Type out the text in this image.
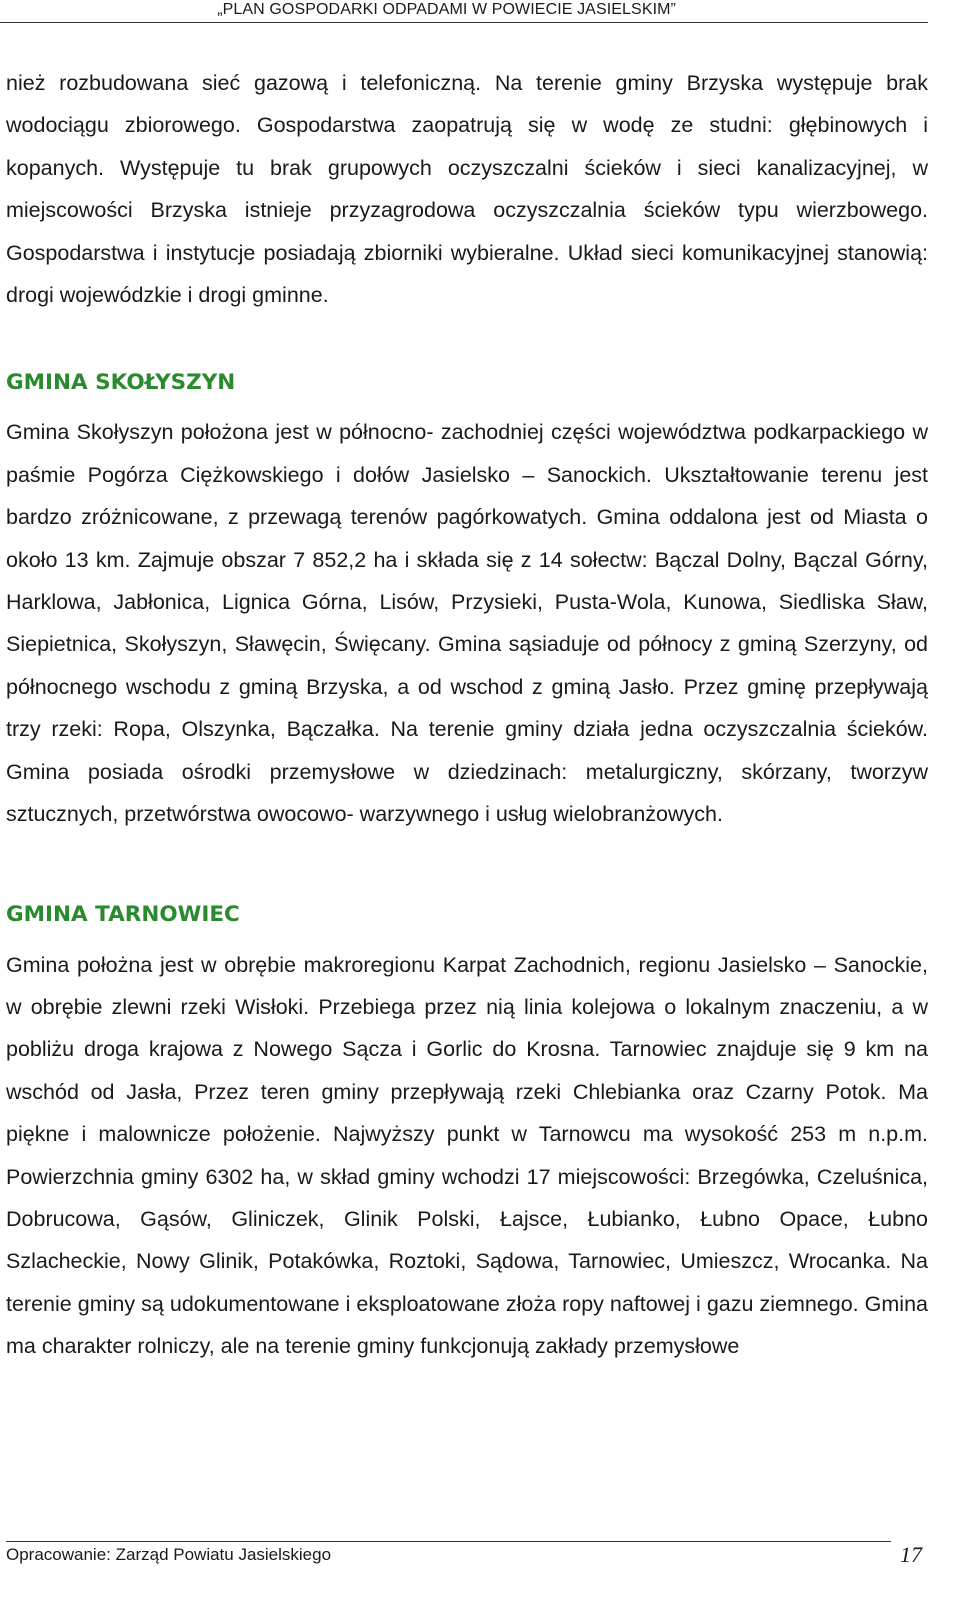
„PLAN GOSPODARKI ODPADAMI W POWIECIE JASIELSKIM”

nież rozbudowana sieć gazową i telefoniczną. Na terenie gminy Brzyska występuje brak wodociągu zbiorowego. Gospodarstwa zaopatrują się w wodę ze studni: głębinowych i kopanych. Występuje tu brak grupowych oczyszczalni ścieków i sieci kanalizacyjnej, w miejscowości Brzyska istnieje przyzagrodowa oczyszczalnia ścieków typu wierzbowego. Gospodarstwa i instytucje posiadają zbiorniki wybieralne. Układ sieci komunikacyjnej stanowią: drogi wojewódzkie i drogi gminne.

GMINA SKOŁYSZYN

Gmina Skołyszyn położona jest w północno- zachodniej części województwa podkarpackiego w paśmie Pogórza Ciężkowskiego i dołów Jasielsko – Sanockich. Ukształtowanie terenu jest bardzo zróżnicowane, z przewagą terenów pagórkowatych. Gmina oddalona jest od Miasta o około 13 km. Zajmuje obszar 7 852,2 ha i składa się z 14 sołectw: Bączal Dolny, Bączal Górny, Harklowa, Jabłonica, Lignica Górna, Lisów, Przysieki, Pusta-Wola, Kunowa, Siedliska Sław, Siepietnica, Skołyszyn, Sławęcin, Święcany. Gmina sąsiaduje od północy z gminą Szerzyny, od północnego wschodu z gminą Brzyska, a od wschod z gminą Jasło. Przez gminę przepływają trzy rzeki: Ropa, Olszynka, Bączałka. Na terenie gminy działa jedna oczyszczalnia ścieków. Gmina posiada ośrodki przemysłowe w dziedzinach: metalurgiczny, skórzany, tworzyw sztucznych, przetwórstwa owocowo- warzywnego i usług wielobranżowych.

GMINA TARNOWIEC

Gmina położna jest w obrębie makroregionu Karpat Zachodnich, regionu Jasielsko – Sanockie, w obrębie zlewni rzeki Wisłoki. Przebiega przez nią linia kolejowa o lokalnym znaczeniu, a w pobliżu droga krajowa z Nowego Sącza i Gorlic do Krosna. Tarnowiec znajduje się 9 km na wschód od Jasła, Przez teren gminy przepływają rzeki Chlebianka oraz Czarny Potok. Ma piękne i malownicze położenie. Najwyższy punkt w Tarnowcu ma wysokość 253 m n.p.m. Powierzchnia gminy 6302 ha, w skład gminy wchodzi 17 miejscowości: Brzegówka, Czeluśnica, Dobrucowa, Gąsów, Gliniczek, Glinik Polski, Łajsce, Łubianko, Łubno Opace, Łubno Szlacheckie, Nowy Glinik, Potakówka, Roztoki, Sądowa, Tarnowiec, Umieszcz, Wrocanka. Na terenie gminy są udokumentowane i eksploatowane złoża ropy naftowej i gazu ziemnego. Gmina ma charakter rolniczy, ale na terenie gminy funkcjonują zakłady przemysłowe

Opracowanie: Zarząd Powiatu Jasielskiego	17
